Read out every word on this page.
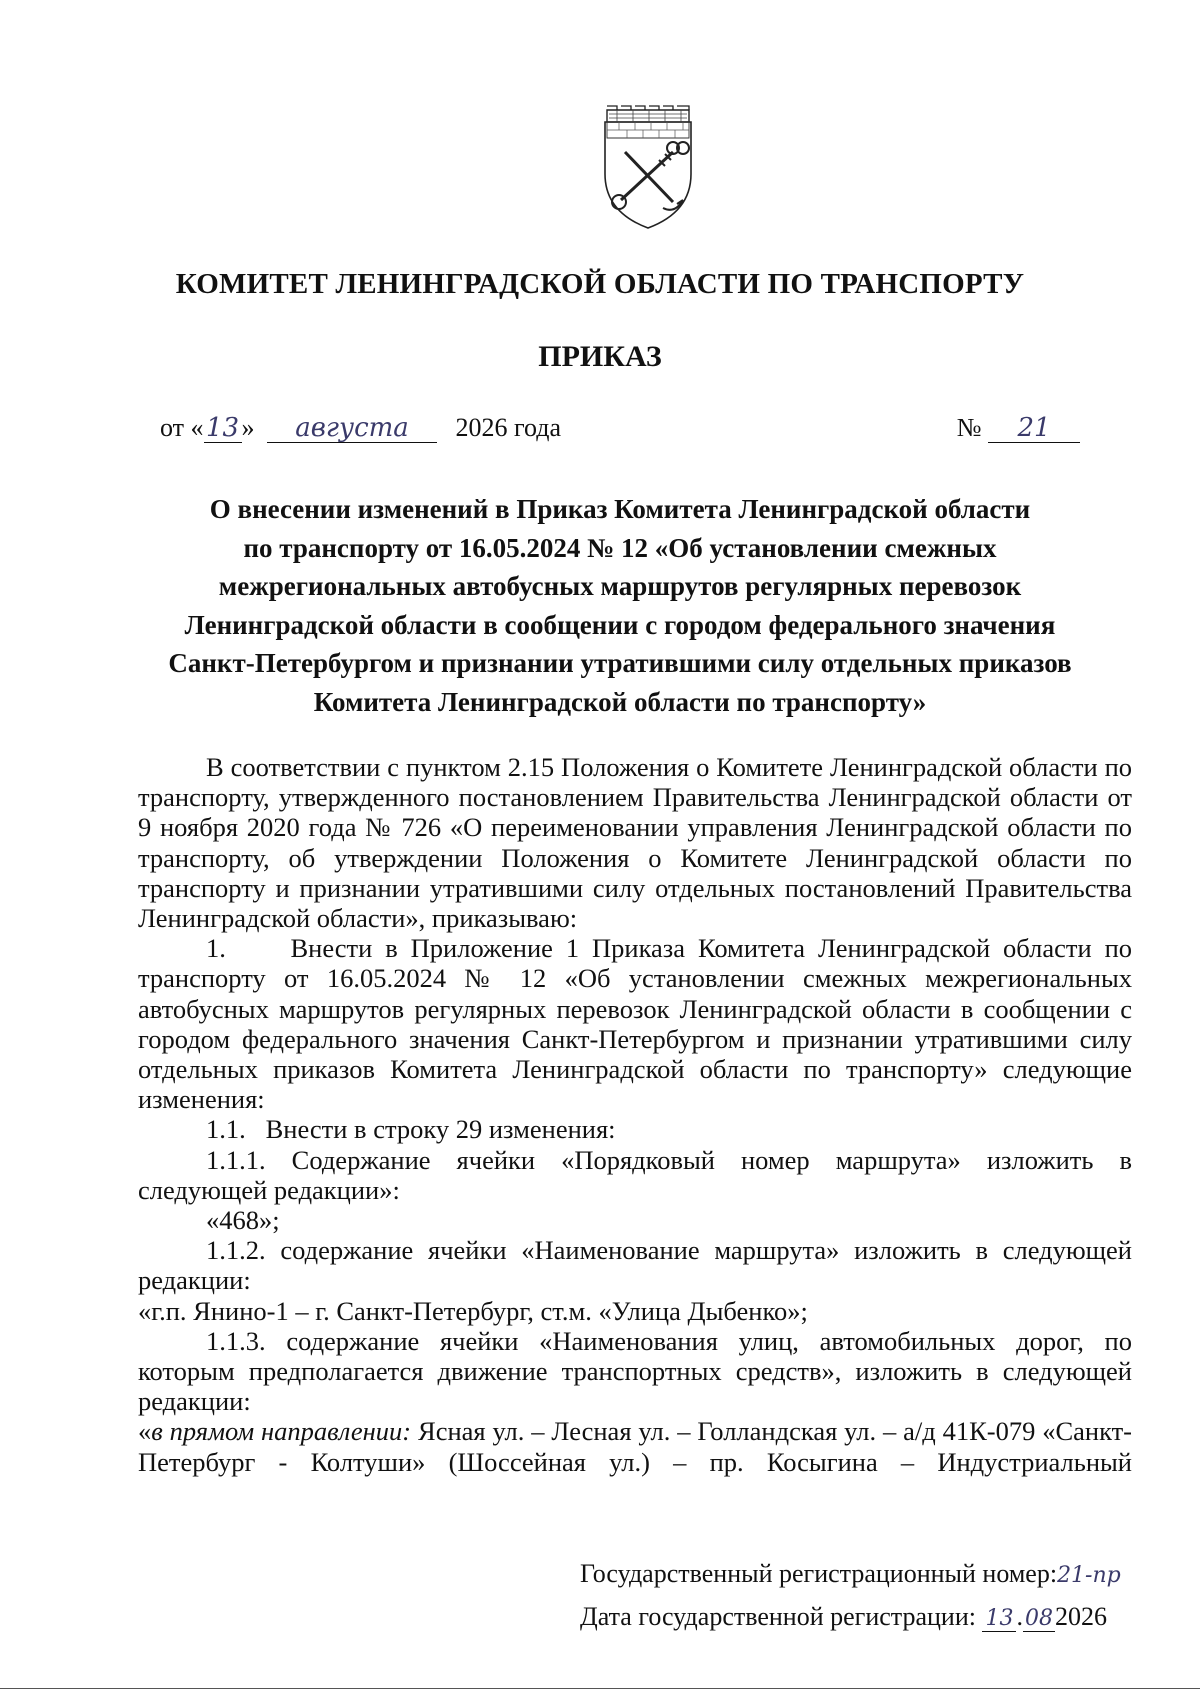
КОМИТЕТ ЛЕНИНГРАДСКОЙ ОБЛАСТИ ПО ТРАНСПОРТУ
ПРИКАЗ
от «13» августа 2026 года	№ 21
О внесении изменений в Приказ Комитета Ленинградской области
по транспорту от 16.05.2024 № 12 «Об установлении смежных
межрегиональных автобусных маршрутов регулярных перевозок
Ленинградской области в сообщении с городом федерального значения
Санкт-Петербургом и признании утратившими силу отдельных приказов
Комитета Ленинградской области по транспорту»

В соответствии с пунктом 2.15 Положения о Комитете Ленинградской области по транспорту, утвержденного постановлением Правительства Ленинградской области от 9 ноября 2020 года № 726 «О переименовании управления Ленинградской области по транспорту, об утверждении Положения о Комитете Ленинградской области по транспорту и признании утратившими силу отдельных постановлений Правительства Ленинградской области», приказываю:

1.     Внести в Приложение 1 Приказа Комитета Ленинградской области по транспорту от 16.05.2024 № 12 «Об установлении смежных межрегиональных автобусных маршрутов регулярных перевозок Ленинградской области в сообщении с городом федерального значения Санкт-Петербургом и признании утратившими силу отдельных приказов Комитета Ленинградской области по транспорту» следующие изменения:

1.1.   Внести в строку 29 изменения:

1.1.1. Содержание ячейки «Порядковый номер маршрута» изложить в следующей редакции»:

«468»;

1.1.2. содержание ячейки «Наименование маршрута» изложить в следующей редакции:

«г.п. Янино-1 – г. Санкт-Петербург, ст.м. «Улица Дыбенко»;

1.1.3. содержание ячейки «Наименования улиц, автомобильных дорог, по которым предполагается движение транспортных средств», изложить в следующей редакции:

«в прямом направлении: Ясная ул. – Лесная ул. – Голландская ул. – а/д 41К-079 «Санкт-Петербург - Колтуши» (Шоссейная ул.) – пр. Косыгина – Индустриальный

Государственный регистрационный номер:21-пр
Дата государственной регистрации: 13 .082026
